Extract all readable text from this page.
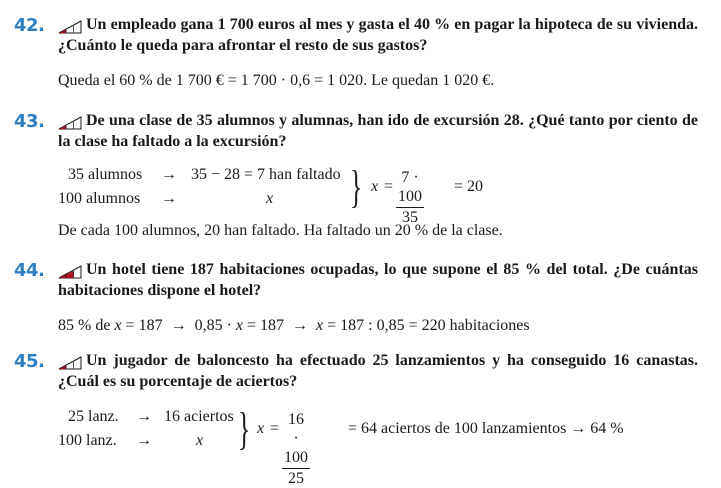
42.	Un empleado gana 1 700 euros al mes y gasta el 40 % en pagar la hipoteca de su vivienda. ¿Cuánto le queda para afrontar el resto de sus gastos?
Queda el 60 % de 1 700 € = 1 700 · 0,6 = 1 020. Le quedan 1 020 €.
43.	De una clase de 35 alumnos y alumnas, han ido de excursión 28. ¿Qué tanto por ciento de la clase ha faltado a la excursión?
35 alumnos → 35 − 28 = 7 han faltado
100 alumnos →	x } $x = \frac{7 \cdot 100}{35} = 20$
De cada 100 alumnos, 20 han faltado. Ha faltado un 20 % de la clase.
44.	Un hotel tiene 187 habitaciones ocupadas, lo que supone el 85 % del total. ¿De cuántas habitaciones dispone el hotel?
85 % de x = 187  →  0,85 · x = 187  →  x = 187 : 0,85 = 220 habitaciones
45.	Un jugador de baloncesto ha efectuado 25 lanzamientos y ha conseguido 16 canastas. ¿Cuál es su porcentaje de aciertos?
25 lanz. → 16 aciertos
100 lanz. →	x } $x = \frac{16 \cdot 100}{25} = 64$ aciertos de 100 lanzamientos → 64 %
